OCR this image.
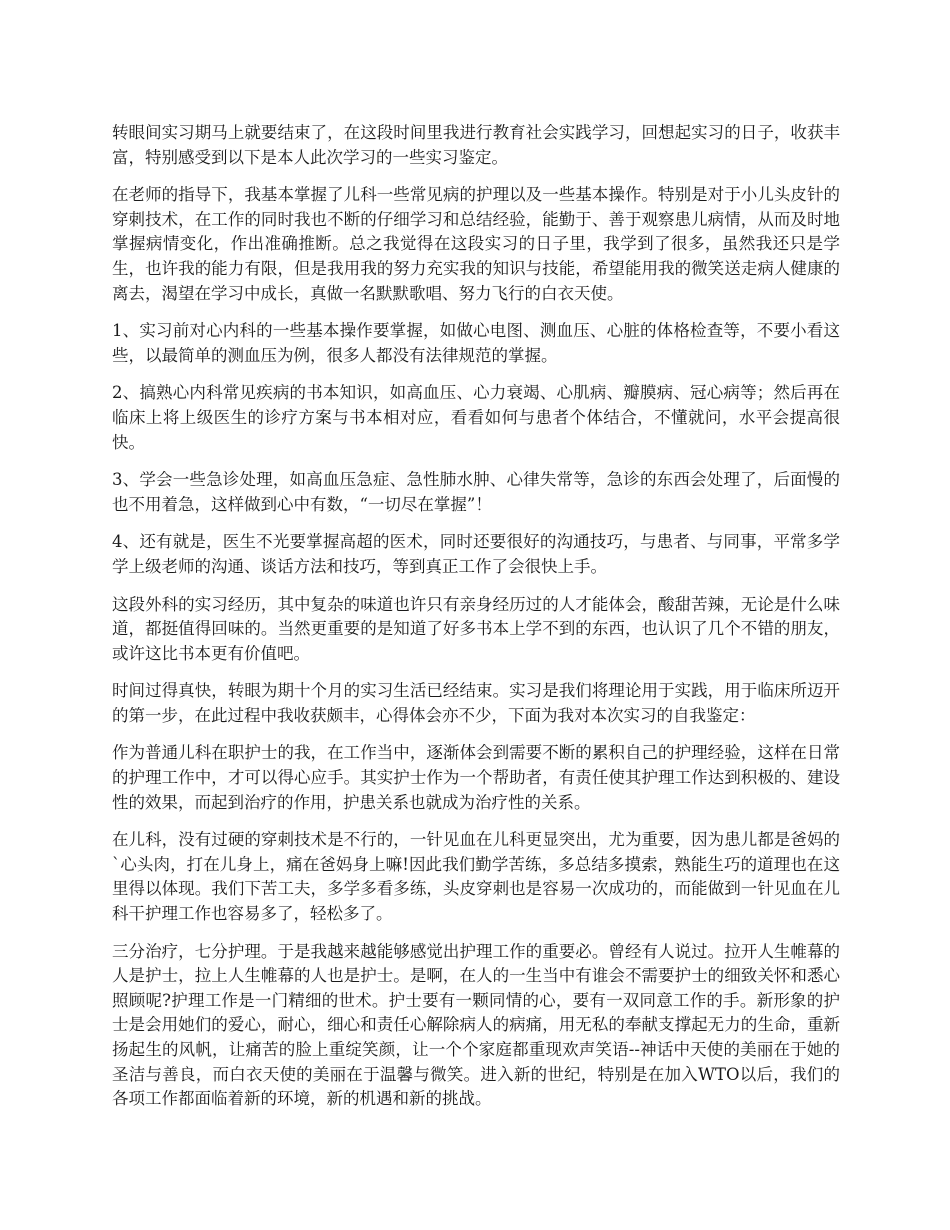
转眼间实习期马上就要结束了，在这段时间里我进行教育社会实践学习，回想起实习的日子，收获丰富，特别感受到以下是本人此次学习的一些实习鉴定。

在老师的指导下，我基本掌握了儿科一些常见病的护理以及一些基本操作。特别是对于小儿头皮针的穿刺技术，在工作的同时我也不断的仔细学习和总结经验，能勤于、善于观察患儿病情，从而及时地掌握病情变化，作出准确推断。总之我觉得在这段实习的日子里，我学到了很多，虽然我还只是学生，也许我的能力有限，但是我用我的努力充实我的知识与技能，希望能用我的微笑送走病人健康的离去，渴望在学习中成长，真做一名默默歌唱、努力飞行的白衣天使。

1、实习前对心内科的一些基本操作要掌握，如做心电图、测血压、心脏的体格检查等，不要小看这些，以最简单的测血压为例，很多人都没有法律规范的掌握。

2、搞熟心内科常见疾病的书本知识，如高血压、心力衰竭、心肌病、瓣膜病、冠心病等；然后再在临床上将上级医生的诊疗方案与书本相对应，看看如何与患者个体结合，不懂就问，水平会提高很快。

3、学会一些急诊处理，如高血压急症、急性肺水肿、心律失常等，急诊的东西会处理了，后面慢的也不用着急，这样做到心中有数，“一切尽在掌握”！

4、还有就是，医生不光要掌握高超的医术，同时还要很好的沟通技巧，与患者、与同事，平常多学学上级老师的沟通、谈话方法和技巧，等到真正工作了会很快上手。

这段外科的实习经历，其中复杂的味道也许只有亲身经历过的人才能体会，酸甜苦辣，无论是什么味道，都挺值得回味的。当然更重要的是知道了好多书本上学不到的东西，也认识了几个不错的朋友，或许这比书本更有价值吧。

时间过得真快，转眼为期十个月的实习生活已经结束。实习是我们将理论用于实践，用于临床所迈开的第一步，在此过程中我收获颇丰，心得体会亦不少，下面为我对本次实习的自我鉴定：

作为普通儿科在职护士的我，在工作当中，逐渐体会到需要不断的累积自己的护理经验，这样在日常的护理工作中，才可以得心应手。其实护士作为一个帮助者，有责任使其护理工作达到积极的、建设性的效果，而起到治疗的作用，护患关系也就成为治疗性的关系。

在儿科，没有过硬的穿刺技术是不行的，一针见血在儿科更显突出，尤为重要，因为患儿都是爸妈的`心头肉，打在儿身上，痛在爸妈身上嘛!因此我们勤学苦练，多总结多摸索，熟能生巧的道理也在这里得以体现。我们下苦工夫，多学多看多练，头皮穿刺也是容易一次成功的，而能做到一针见血在儿科干护理工作也容易多了，轻松多了。

三分治疗，七分护理。于是我越来越能够感觉出护理工作的重要必。曾经有人说过。拉开人生帷幕的人是护士，拉上人生帷幕的人也是护士。是啊，在人的一生当中有谁会不需要护士的细致关怀和悉心照顾呢?护理工作是一门精细的世术。护士要有一颗同情的心，要有一双同意工作的手。新形象的护士是会用她们的爱心，耐心，细心和责任心解除病人的病痛，用无私的奉献支撑起无力的生命，重新扬起生的风帆，让痛苦的脸上重绽笑颜，让一个个家庭都重现欢声笑语--神话中天使的美丽在于她的圣洁与善良，而白衣天使的美丽在于温馨与微笑。进入新的世纪，特别是在加入WTO以后，我们的各项工作都面临着新的环境，新的机遇和新的挑战。
